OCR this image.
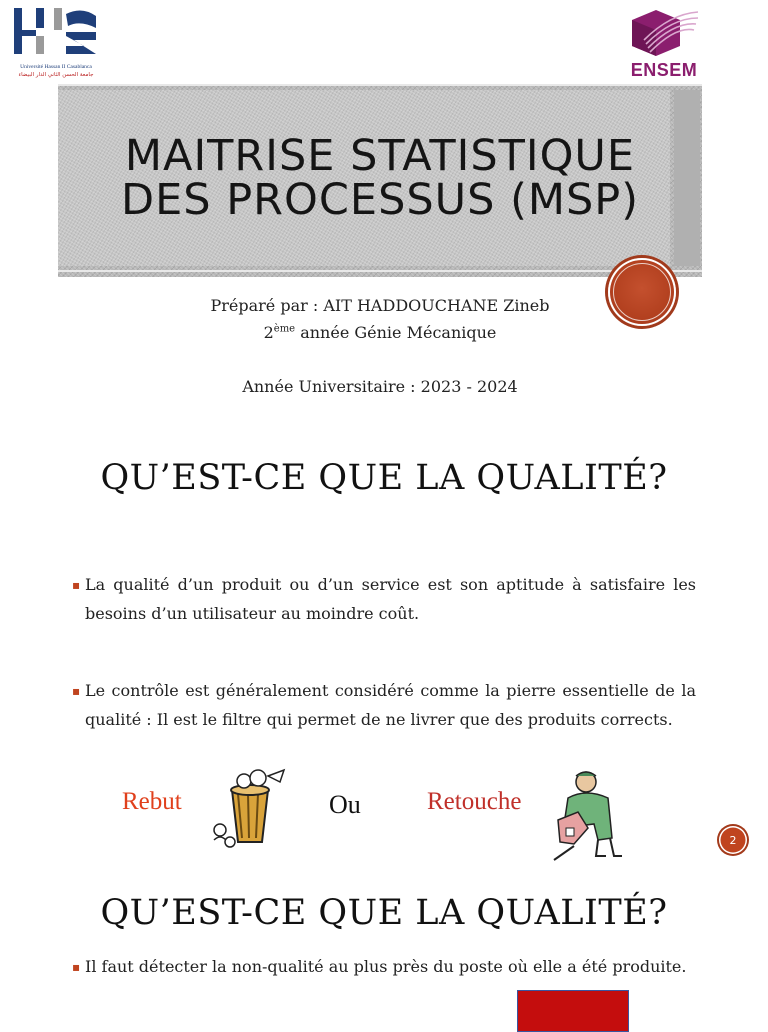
Université Hassan II Casablanca
جامعة الحسن الثاني الدار البيضاء	ENSEM
MAITRISE STATISTIQUE
DES PROCESSUS (MSP)
Préparé par : AIT HADDOUCHANE Zineb
2ème année Génie Mécanique
Année Universitaire : 2023 - 2024
QU’EST-CE QUE LA QUALITÉ?
▪ La qualité d’un produit ou d’un service est son aptitude à satisfaire les besoins d’un utilisateur au moindre coût.
▪ Le contrôle est généralement considéré comme la pierre essentielle de la qualité : Il est le filtre qui permet de ne livrer que des produits corrects.
Rebut	Ou	Retouche
2
QU’EST-CE QUE LA QUALITÉ?
▪ Il faut détecter la non-qualité au plus près du poste où elle a été produite.
